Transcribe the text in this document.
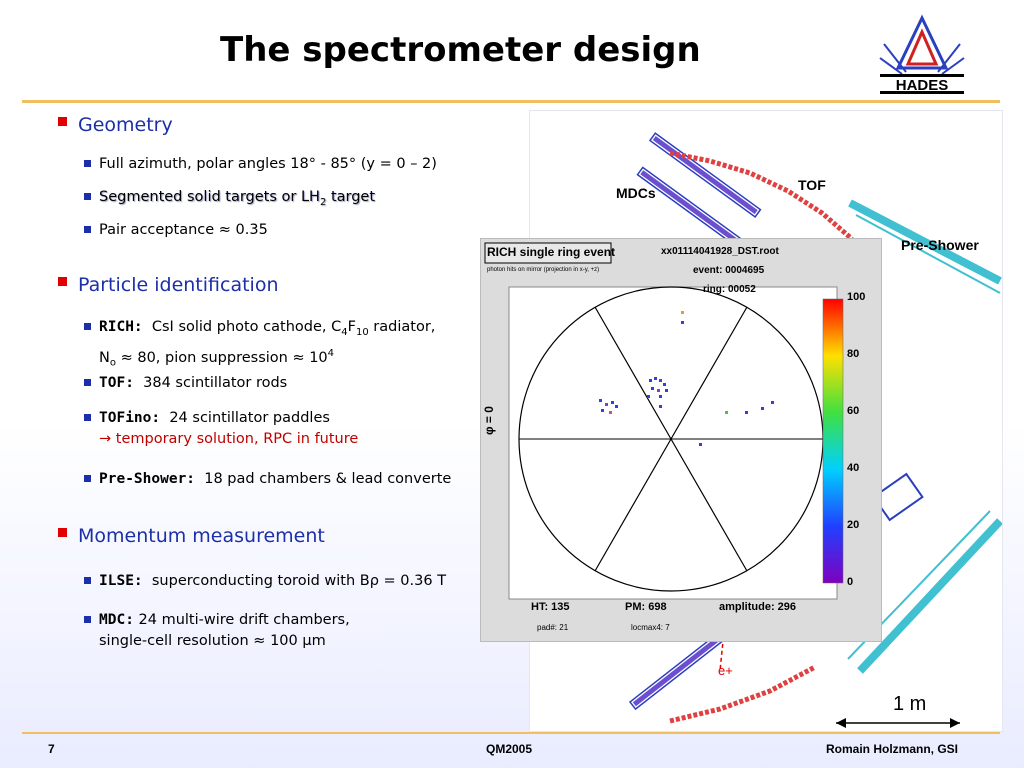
The spectrometer design
HADES
Geometry
Full azimuth, polar angles 18° - 85° (y = 0 – 2)
Segmented solid targets or $LH_2$ target
Pair acceptance ≈ 0.35
Particle identification
RICH: CsI solid photo cathode, $C_4F_{10}$ radiator,
$N_o \approx 80$, pion suppression ≈ $10^4$
TOF: 384 scintillator rods
TOFino: 24 scintillator paddles
→ temporary solution, RPC in future
Pre-Shower: 18 pad chambers & lead converte
Momentum measurement
ILSE: superconducting toroid with Bρ = 0.36 T
MDC: 24 multi-wire drift chambers,
single-cell resolution ≈ 100 μm
MDCs	TOF
Pre-Shower
e+
1 m
RICH single ring event	xx01114041928_DST.root
photon hits on mirror (projection in x-y, +z)	event: 0004695
ring: 00052
φ = 0
100
80
60
40
20
0
HT: 135	PM: 698	amplitude: 296
pad#: 21	locmax4: 7
7	QM2005	Romain Holzmann, GSI
